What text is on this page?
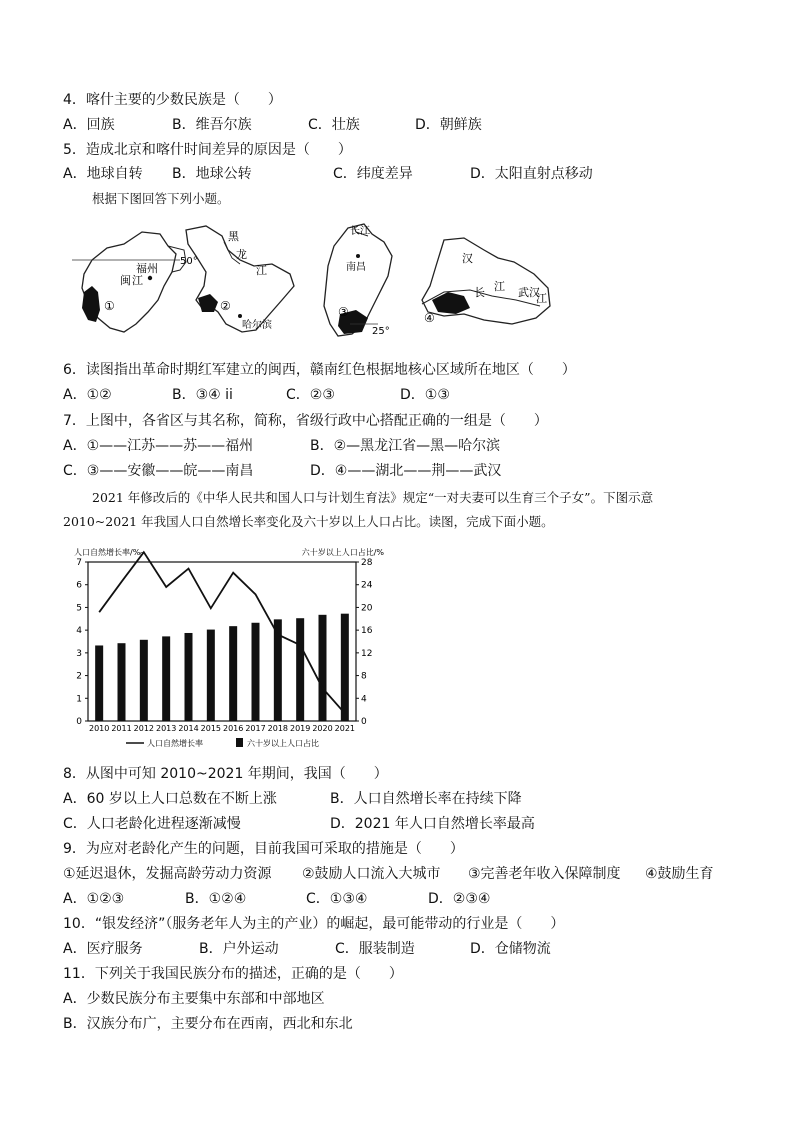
4．喀什主要的少数民族是（　　）
A．回族	B．维吾尔族	C．壮族	D．朝鲜族
5．造成北京和喀什时间差异的原因是（　　）
A．地球自转 B．地球公转	C．纬度差异	D．太阳直射点移动
根据下图回答下列小题。
闽 江
福州
①
50°
黑
龙
江
哈尔滨
②
长江
南昌
③
25°
汉
长 江 武汉
江
④
6．读图指出革命时期红军建立的闽西，赣南红色根据地核心区域所在地区（　　）
A．①②	B．③④ ii	C．②③	D．①③
7．上图中，各省区与其名称，简称，省级行政中心搭配正确的一组是（　　）
A．①——江苏——苏——福州	B．②—黑龙江省—黑—哈尔滨
C．③——安徽——皖——南昌	D．④——湖北——荆——武汉
2021 年修改后的《中华人民共和国人口与计划生育法》规定“一对夫妻可以生育三个子女”。下图示意
2010~2021 年我国人口自然增长率变化及六十岁以上人口占比。读图，完成下面小题。
人口自然增长率/‰	六十岁以上人口占比/%
0
1
2
3
4
5
6
7
0
4
8
12
16
20
24
28
2010 2011 2012 2013 2014 2015 2016 2017 2018 2019 2020 2021
人口自然增长率	六十岁以上人口占比
8．从图中可知 2010~2021 年期间，我国（　　）
A．60 岁以上人口总数在不断上涨	B．人口自然增长率在持续下降
C．人口老龄化进程逐渐减慢	D．2021 年人口自然增长率最高
9．为应对老龄化产生的问题，目前我国可采取的措施是（　　）
①延迟退休，发掘高龄劳动力资源 ②鼓励人口流入大城市 ③完善老年收入保障制度 ④鼓励生育
A．①②③	B．①②④	C．①③④	D．②③④
10．“银发经济”（服务老年人为主的产业）的崛起，最可能带动的行业是（　　）
A．医疗服务	B．户外运动	C．服装制造	D．仓储物流
11．下列关于我国民族分布的描述，正确的是（　　）
A．少数民族分布主要集中东部和中部地区
B．汉族分布广，主要分布在西南，西北和东北
